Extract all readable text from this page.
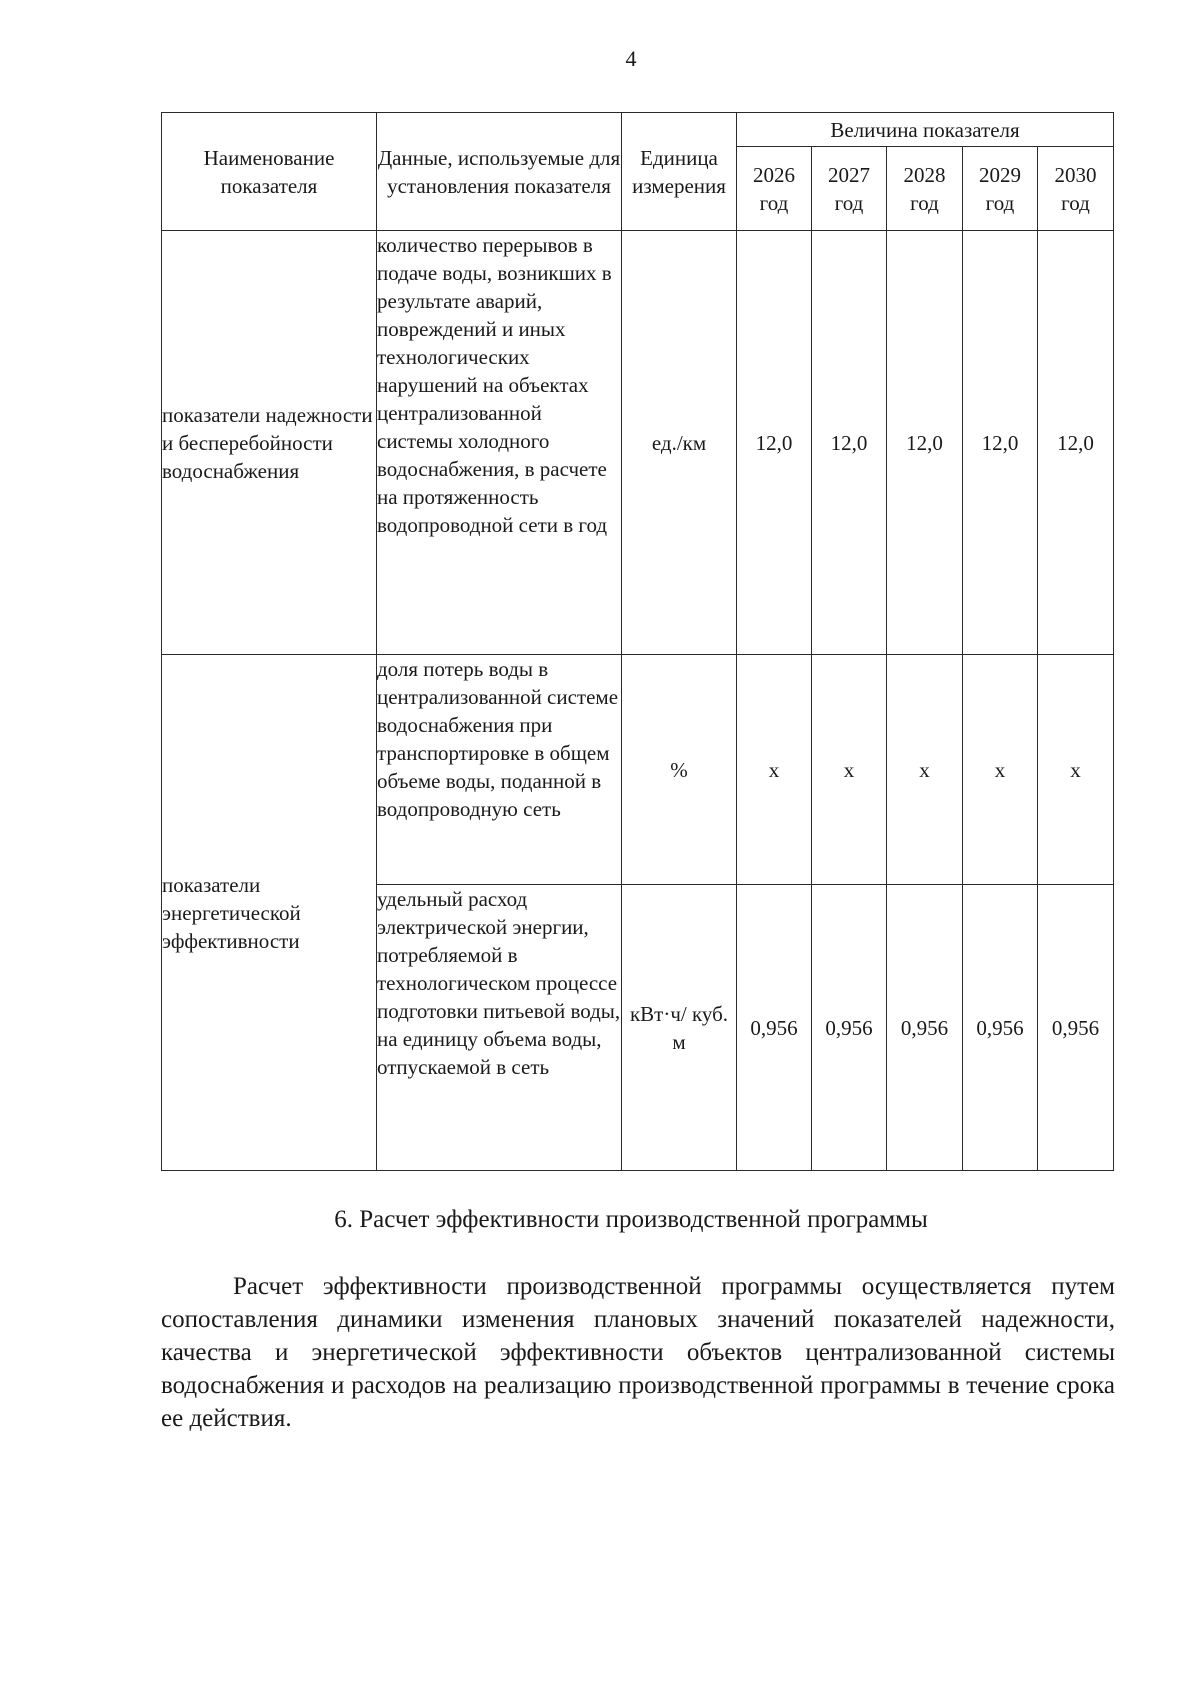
4
Наименование показателя	Данные, используемые для установления показателя	Единица измерения	Величина показателя				
			2026 год	2027 год	2028 год	2029 год	2030 год
показатели надежности и бесперебойности водоснабжения	количество перерывов в подаче воды, возникших в результате аварий, повреждений и иных технологических нарушений на объектах централизованной системы холодного водоснабжения, в расчете на протяженность водопроводной сети в год	ед./км	12,0	12,0	12,0	12,0	12,0
показатели энергетической эффективности	доля потерь воды в централизованной системе водоснабжения при транспортировке в общем объеме воды, поданной в водопроводную сеть	%	x	x	x	x	x
	удельный расход электрической энергии, потребляемой в технологическом процессе подготовки питьевой воды, на единицу объема воды, отпускаемой в сеть	кВт·ч/ куб. м	0,956	0,956	0,956	0,956	0,956
6. Расчет эффективности производственной программы

Расчет эффективности производственной программы осуществляется путем сопоставления динамики изменения плановых значений показателей надежности, качества и энергетической эффективности объектов централизованной системы водоснабжения и расходов на реализацию производственной программы в течение срока ее действия.
